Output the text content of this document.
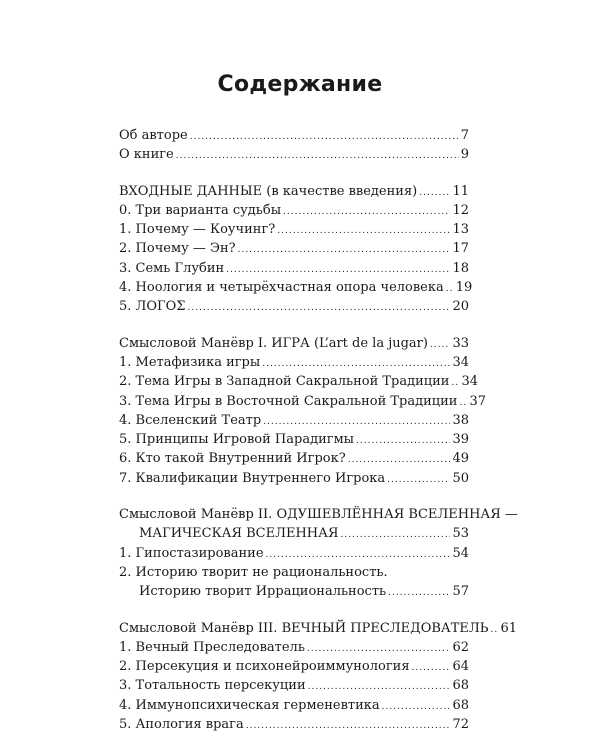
Содержание
Об авторе .....	7
О книге .....	9
ВХОДНЫЕ ДАННЫЕ (в качестве введения) .....	11
0. Три варианта судьбы .....	12
1. Почему — Коучинг? .....	13
2. Почему — Эн? .....	17
3. Семь Глубин .....	18
4. Ноология и четырёхчастная опора человека ..... 19
5. ЛОГОΣ .....	20
Смысловой Манёвр I. ИГРА (L’art de la jugar) ..... 33
1. Метафизика игры .....	34
2. Тема Игры в Западной Сакральной Традиции ..... 34
3. Тема Игры в Восточной Сакральной Традиции ..... 37
4. Вселенский Театр .....	38
5. Принципы Игровой Парадигмы .....	39
6. Кто такой Внутренний Игрок? .....	49
7. Квалификации Внутреннего Игрока .....	50
Смысловой Манёвр II. ОДУШЕВЛЁННАЯ ВСЕЛЕННАЯ —
МАГИЧЕСКАЯ ВСЕЛЕННАЯ .....	53
1. Гипостазирование .....	54
2. Историю творит не рациональность.
Историю творит Иррациональность .....	57
Смысловой Манёвр III. ВЕЧНЫЙ ПРЕСЛЕДОВАТЕЛЬ ..... 61
1. Вечный Преследователь .....	62
2. Персекуция и психонейроиммунология .....	64
3. Тотальность персекуции .....	68
4. Иммунопсихическая герменевтика .....	68
5. Апология врага .....	72
